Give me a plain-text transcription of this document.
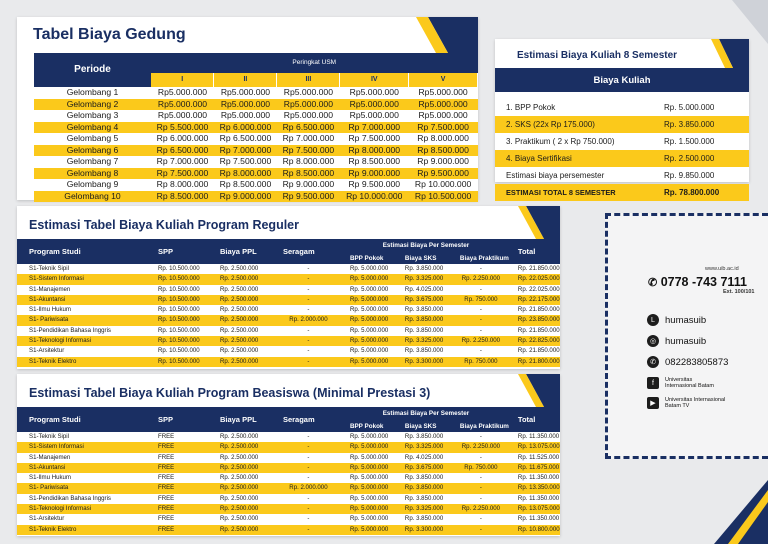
Tabel Biaya Gedung
Periode	Peringkat USM				
	I	II	III	IV	V
Gelombang 1	Rp5.000.000	Rp5.000.000	Rp5.000.000	Rp5.000.000	Rp5.000.000
Gelombang 2	Rp5.000.000	Rp5.000.000	Rp5.000.000	Rp5.000.000	Rp5.000.000
Gelombang 3	Rp5.000.000	Rp5.000.000	Rp5.000.000	Rp5.000.000	Rp5.000.000
Gelombang 4	Rp 5.500.000	Rp 6.000.000	Rp 6.500.000	Rp 7.000.000	Rp 7.500.000
Gelombang 5	Rp 6.000.000	Rp 6.500.000	Rp 7.000.000	Rp 7.500.000	Rp 8.000.000
Gelombang 6	Rp 6.500.000	Rp 7.000.000	Rp 7.500.000	Rp 8.000.000	Rp 8.500.000
Gelombang 7	Rp 7.000.000	Rp 7.500.000	Rp 8.000.000	Rp 8.500.000	Rp 9.000.000
Gelombang 8	Rp 7.500.000	Rp 8.000.000	Rp 8.500.000	Rp 9.000.000	Rp 9.500.000
Gelombang 9	Rp 8.000.000	Rp 8.500.000	Rp 9.000.000	Rp 9.500.000	Rp 10.000.000
Gelombang 10	Rp 8.500.000	Rp 9.000.000	Rp 9.500.000	Rp 10.000.000	Rp 10.500.000
Estimasi Biaya Kuliah 8 Semester
Biaya Kuliah	

1. BPP Pokok	Rp. 5.000.000
2. SKS (22x Rp 175.000)	Rp. 3.850.000
3. Praktikum ( 2 x Rp 750.000)	Rp. 1.500.000
4. Biaya Sertifikasi	Rp. 2.500.000
Estimasi biaya persemester	Rp. 9.850.000
ESTIMASI TOTAL 8 SEMESTER	Rp. 78.800.000
Estimasi Tabel Biaya Kuliah Program Reguler
Program Studi	SPP	Biaya PPL	Seragam	Estimasi Biaya Per Semester			Total
				BPP Pokok	Biaya SKS	Biaya Praktikum	
S1-Teknik Sipil	Rp. 10.500.000	Rp. 2.500.000	-	Rp. 5.000.000	Rp. 3.850.000	-	Rp. 21.850.000
S1-Sistem Informasi	Rp. 10.500.000	Rp. 2.500.000	-	Rp. 5.000.000	Rp. 3.325.000	Rp. 2.250.000	Rp. 22.025.000
S1-Manajemen	Rp. 10.500.000	Rp. 2.500.000	-	Rp. 5.000.000	Rp. 4.025.000	-	Rp. 22.025.000
S1-Akuntansi	Rp. 10.500.000	Rp. 2.500.000	-	Rp. 5.000.000	Rp. 3.675.000	Rp. 750.000	Rp. 22.175.000
S1-Ilmu Hukum	Rp. 10.500.000	Rp. 2.500.000	-	Rp. 5.000.000	Rp. 3.850.000	-	Rp. 21.850.000
S1- Pariwisata	Rp. 10.500.000	Rp. 2.500.000	Rp. 2.000.000	Rp. 5.000.000	Rp. 3.850.000	-	Rp. 23.850.000
S1-Pendidikan Bahasa Inggris	Rp. 10.500.000	Rp. 2.500.000	-	Rp. 5.000.000	Rp. 3.850.000	-	Rp. 21.850.000
S1-Teknologi Informasi	Rp. 10.500.000	Rp. 2.500.000	-	Rp. 5.000.000	Rp. 3.325.000	Rp. 2.250.000	Rp. 22.825.000
S1-Arsitektur	Rp. 10.500.000	Rp. 2.500.000	-	Rp. 5.000.000	Rp. 3.850.000	-	Rp. 21.850.000
S1-Teknik Elektro	Rp. 10.500.000	Rp. 2.500.000	-	Rp. 5.000.000	Rp. 3.300.000	Rp. 750.000	Rp. 21.800.000
Estimasi Tabel Biaya Kuliah Program Beasiswa (Minimal Prestasi 3)
Program Studi	SPP	Biaya PPL	Seragam	Estimasi Biaya Per Semester			Total
				BPP Pokok	Biaya SKS	Biaya Praktikum	
S1-Teknik Sipil	FREE	Rp. 2.500.000	-	Rp. 5.000.000	Rp. 3.850.000	-	Rp. 11.350.000
S1-Sistem Informasi	FREE	Rp. 2.500.000	-	Rp. 5.000.000	Rp. 3.325.000	Rp. 2.250.000	Rp. 13.075.000
S1-Manajemen	FREE	Rp. 2.500.000	-	Rp. 5.000.000	Rp. 4.025.000	-	Rp. 11.525.000
S1-Akuntansi	FREE	Rp. 2.500.000	-	Rp. 5.000.000	Rp. 3.675.000	Rp. 750.000	Rp. 11.675.000
S1-Ilmu Hukum	FREE	Rp. 2.500.000	-	Rp. 5.000.000	Rp. 3.850.000	-	Rp. 11.350.000
S1- Pariwisata	FREE	Rp. 2.500.000	Rp. 2.000.000	Rp. 5.000.000	Rp. 3.850.000	-	Rp. 13.350.000
S1-Pendidikan Bahasa Inggris	FREE	Rp. 2.500.000	-	Rp. 5.000.000	Rp. 3.850.000	-	Rp. 11.350.000
S1-Teknologi Informasi	FREE	Rp. 2.500.000	-	Rp. 5.000.000	Rp. 3.325.000	Rp. 2.250.000	Rp. 13.075.000
S1-Arsitektur	FREE	Rp. 2.500.000	-	Rp. 5.000.000	Rp. 3.850.000	-	Rp. 11.350.000
S1-Teknik Elektro	FREE	Rp. 2.500.000	-	Rp. 5.000.000	Rp. 3.300.000	-	Rp. 10.800.000
www.uib.ac.id
✆ 0778 -743 7111
Ext. 100/101
L	humasuib
◎ humasuib
✆ 082283805873
f	Universitas Internasional Batam
▶	Universitas Internasional Batam TV
